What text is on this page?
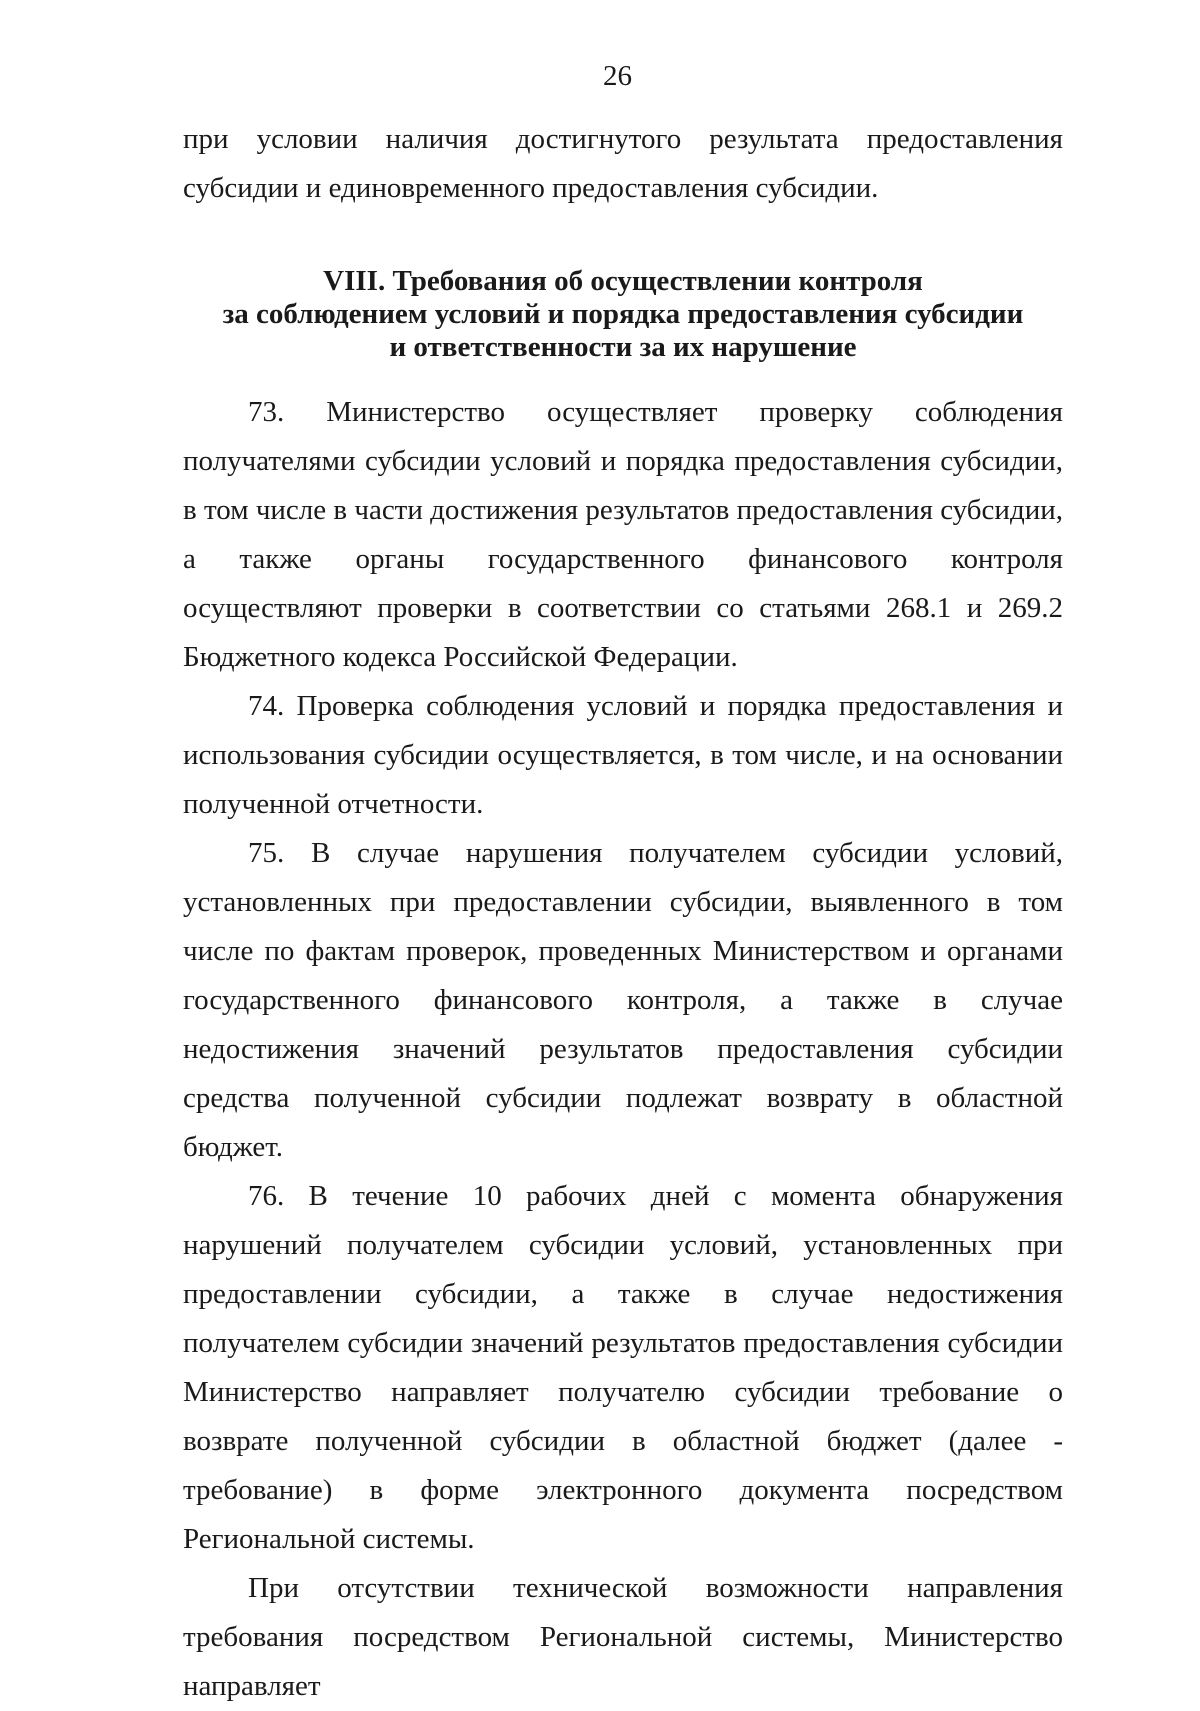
26

при условии наличия достигнутого результата предоставления субсидии и единовременного предоставления субсидии.

VIII. Требования об осуществлении контроля
за соблюдением условий и порядка предоставления субсидии
и ответственности за их нарушение

73. Министерство осуществляет проверку соблюдения получателями субсидии условий и порядка предоставления субсидии, в том числе в части достижения результатов предоставления субсидии, а также органы государственного финансового контроля осуществляют проверки в соответствии со статьями 268.1 и 269.2 Бюджетного кодекса Российской Федерации.

74. Проверка соблюдения условий и порядка предоставления и использования субсидии осуществляется, в том числе, и на основании полученной отчетности.

75. В случае нарушения получателем субсидии условий, установленных при предоставлении субсидии, выявленного в том числе по фактам проверок, проведенных Министерством и органами государственного финансового контроля, а также в случае недостижения значений результатов предоставления субсидии средства полученной субсидии подлежат возврату в областной бюджет.

76. В течение 10 рабочих дней с момента обнаружения нарушений получателем субсидии условий, установленных при предоставлении субсидии, а также в случае недостижения получателем субсидии значений результатов предоставления субсидии Министерство направляет получателю субсидии требование о возврате полученной субсидии в областной бюджет (далее - требование) в форме электронного документа посредством Региональной системы.

При отсутствии технической возможности направления требования посредством Региональной системы, Министерство направляет
